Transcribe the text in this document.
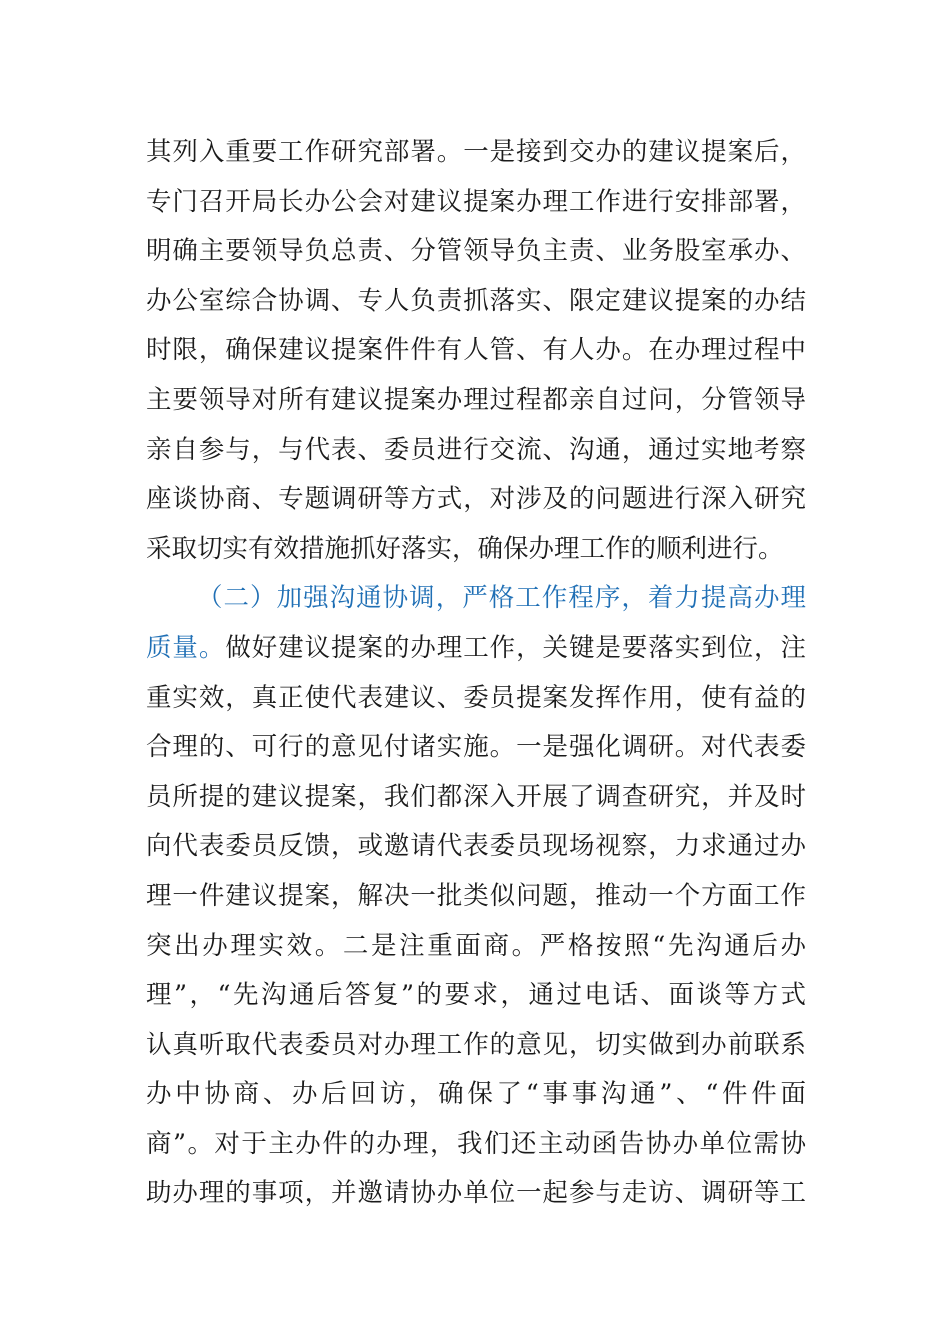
其列入重要工作研究部署。一是接到交办的建议提案后，
专门召开局长办公会对建议提案办理工作进行安排部署，
明确主要领导负总责、分管领导负主责、业务股室承办、
办公室综合协调、专人负责抓落实、限定建议提案的办结
时限，确保建议提案件件有人管、有人办。在办理过程中
主要领导对所有建议提案办理过程都亲自过问，分管领导
亲自参与，与代表、委员进行交流、沟通，通过实地考察
座谈协商、专题调研等方式，对涉及的问题进行深入研究
采取切实有效措施抓好落实，确保办理工作的顺利进行。
（二）加强沟通协调，严格工作程序，着力提高办理
质量。做好建议提案的办理工作，关键是要落实到位，注
重实效，真正使代表建议、委员提案发挥作用，使有益的
合理的、可行的意见付诸实施。一是强化调研。对代表委
员所提的建议提案，我们都深入开展了调查研究，并及时
向代表委员反馈，或邀请代表委员现场视察，力求通过办
理一件建议提案，解决一批类似问题，推动一个方面工作
突出办理实效。二是注重面商。严格按照“先沟通后办
理”，“先沟通后答复”的要求，通过电话、面谈等方式
认真听取代表委员对办理工作的意见，切实做到办前联系
办中协商、办后回访，确保了“事事沟通”、“件件面
商”。对于主办件的办理，我们还主动函告协办单位需协
助办理的事项，并邀请协办单位一起参与走访、调研等工
